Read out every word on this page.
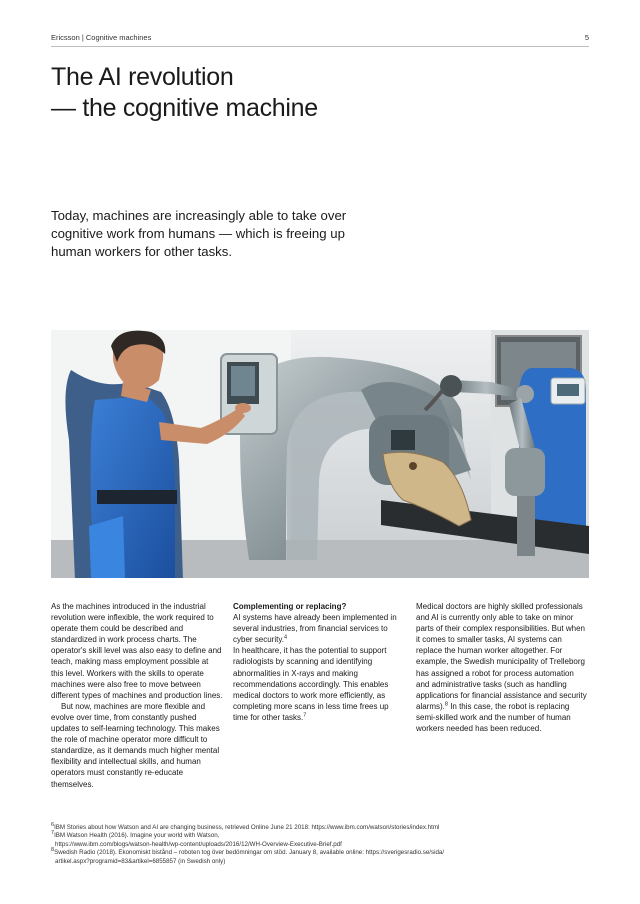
Ericsson | Cognitive machines	5
The AI revolution
— the cognitive machine
Today, machines are increasingly able to take over
cognitive work from humans — which is freeing up
human workers for other tasks.

As the machines introduced in the industrial revolution were inflexible, the work required to operate them could be described and standardized in work process charts. The operator's skill level was also easy to define and teach, making mass employment possible at this level. Workers with the skills to operate machines were also free to move between different types of machines and production lines.

But now, machines are more flexible and evolve over time, from constantly pushed updates to self-learning technology. This makes the role of machine operator more difficult to standardize, as it demands much higher mental flexibility and intellectual skills, and human operators must constantly re-educate themselves.

Complementing or replacing?

AI systems have already been implemented in several industries, from financial services to cyber security.$^4$

In healthcare, it has the potential to support radiologists by scanning and identifying abnormalities in X-rays and making recommendations accordingly. This enables medical doctors to work more efficiently, as completing more scans in less time frees up time for other tasks.$^7$

Medical doctors are highly skilled professionals and AI is currently only able to take on minor parts of their complex responsibilities. But when it comes to smaller tasks, AI systems can replace the human worker altogether. For example, the Swedish municipality of Trelleborg has assigned a robot for process automation and administrative tasks (such as handling applications for financial assistance and security alarms).$^8$ In this case, the robot is replacing semi-skilled work and the number of human workers needed has been reduced.

$^6$IBM Stories about how Watson and AI are changing business, retrieved Online June 21 2018: https://www.ibm.com/watson/stories/index.html

$^7$IBM Watson Health (2016). Imagine your world with Watson,

https://www.ibm.com/blogs/watson-health/wp-content/uploads/2016/12/WH-Overview-Executive-Brief.pdf

$^8$Swedish Radio (2018). Ekonomiskt bistånd – roboten tog över bedömningar om stöd. January 8, available online: https://sverigesradio.se/sida/

artikel.aspx?programid=83&artikel=6855857 (in Swedish only)
